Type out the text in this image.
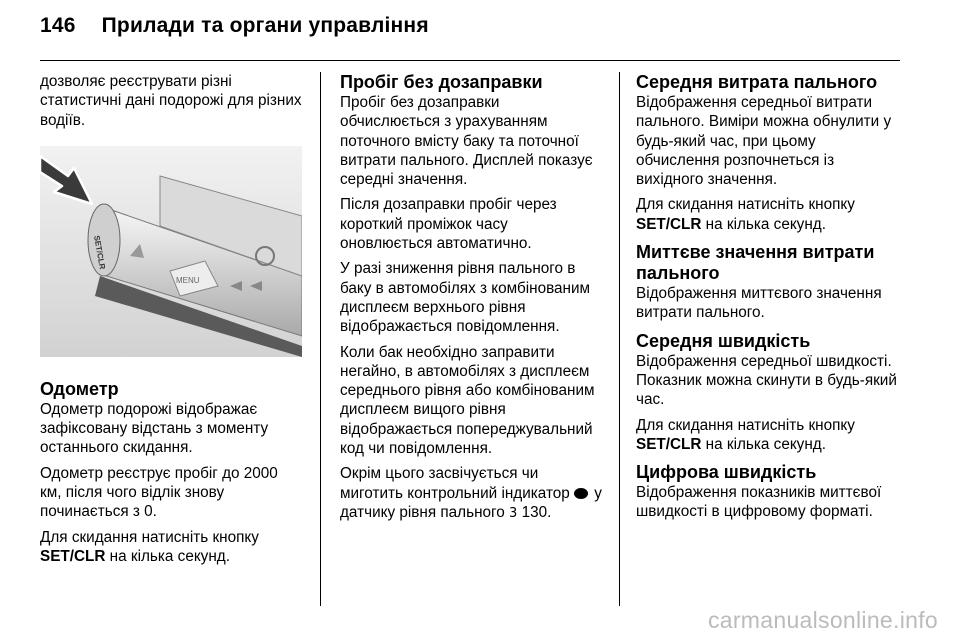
146 Прилади та органи управління

дозволяє реєструвати різні статистичні дані подорожі для різних водіїв.

SET/CLR
MENU
Одометр

Одометр подорожі відображає зафіксовану відстань з моменту останнього скидання.

Одометр реєструє пробіг до 2000 км, після чого відлік знову починається з 0.

Для скидання натисніть кнопку SET/CLR на кілька секунд.

Пробіг без дозаправки

Пробіг без дозаправки обчислюється з урахуванням поточного вмісту баку та поточної витрати пального. Дисплей показує середні значення.

Після дозаправки пробіг через короткий проміжок часу оновлюється автоматично.

У разі зниження рівня пального в баку в автомобілях з комбінованим дисплеєм верхнього рівня відображається повідомлення.

Коли бак необхідно заправити негайно, в автомобілях з дисплеєм середнього рівня або комбінованим дисплеєм вищого рівня відображається попереджувальний код чи повідомлення.

Окрім цього засвічується чи миготить контрольний індикатор  у датчику рівня пального 3 130.

Середня витрата пального

Відображення середньої витрати пального. Виміри можна обнулити у будь-який час, при цьому обчислення розпочнеться із вихідного значення.

Для скидання натисніть кнопку SET/CLR на кілька секунд.

Миттєве значення витрати пального

Відображення миттєвого значення витрати пального.

Середня швидкість

Відображення середньої швидкості. Показник можна скинути в будь-який час.

Для скидання натисніть кнопку SET/CLR на кілька секунд.

Цифрова швидкість

Відображення показників миттєвої швидкості в цифровому форматі.

carmanualsonline.info
